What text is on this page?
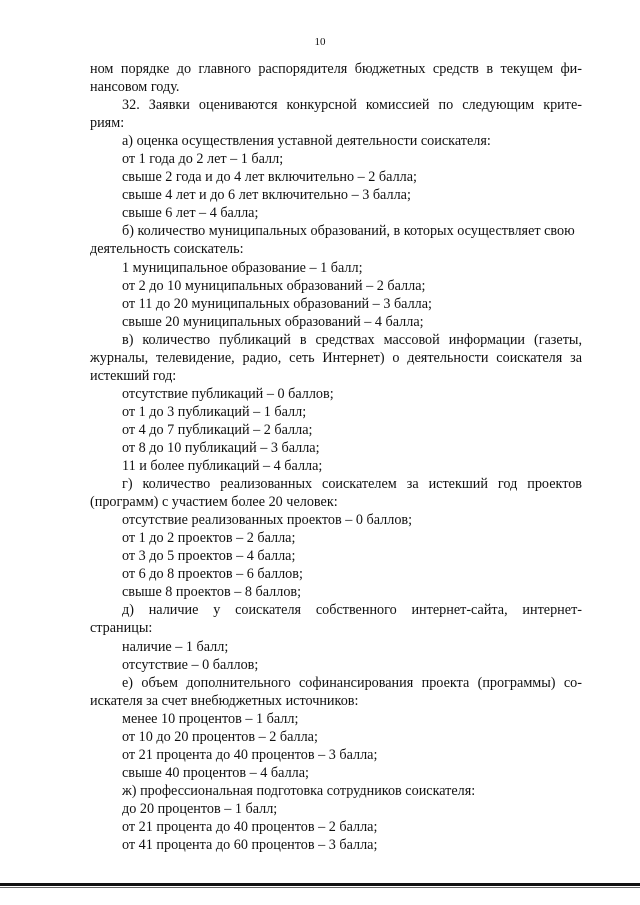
10
ном порядке до главного распорядителя бюджетных средств в текущем фи-
нансовом году.
32. Заявки оцениваются конкурсной комиссией по следующим крите-
риям:
а) оценка осуществления уставной деятельности соискателя:
от 1 года до 2 лет – 1 балл;
свыше 2 года и до 4 лет включительно – 2 балла;
свыше 4 лет и до 6 лет включительно – 3 балла;
свыше 6 лет – 4 балла;
б) количество муниципальных образований, в которых осуществляет свою
деятельность соискатель:
1 муниципальное образование – 1 балл;
от 2 до 10 муниципальных образований – 2 балла;
от 11 до 20 муниципальных образований – 3 балла;
свыше 20 муниципальных образований – 4 балла;
в) количество публикаций в средствах массовой информации (газеты,
журналы, телевидение, радио, сеть Интернет) о деятельности соискателя за
истекший год:
отсутствие публикаций – 0 баллов;
от 1 до 3 публикаций – 1 балл;
от 4 до 7 публикаций – 2 балла;
от 8 до 10 публикаций – 3 балла;
11 и более публикаций – 4 балла;
г) количество реализованных соискателем за истекший год проектов
(программ) с участием более 20 человек:
отсутствие реализованных проектов – 0 баллов;
от 1 до 2 проектов – 2 балла;
от 3 до 5 проектов – 4 балла;
от 6 до 8 проектов – 6 баллов;
свыше 8 проектов – 8 баллов;
д) наличие у соискателя собственного интернет-сайта, интернет-
страницы:
наличие – 1 балл;
отсутствие – 0 баллов;
е) объем дополнительного софинансирования проекта (программы) со-
искателя за счет внебюджетных источников:
менее 10 процентов – 1 балл;
от 10 до 20 процентов – 2 балла;
от 21 процента до 40 процентов – 3 балла;
свыше 40 процентов – 4 балла;
ж) профессиональная подготовка сотрудников соискателя:
до 20 процентов – 1 балл;
от 21 процента до 40 процентов – 2 балла;
от 41 процента до 60 процентов – 3 балла;
